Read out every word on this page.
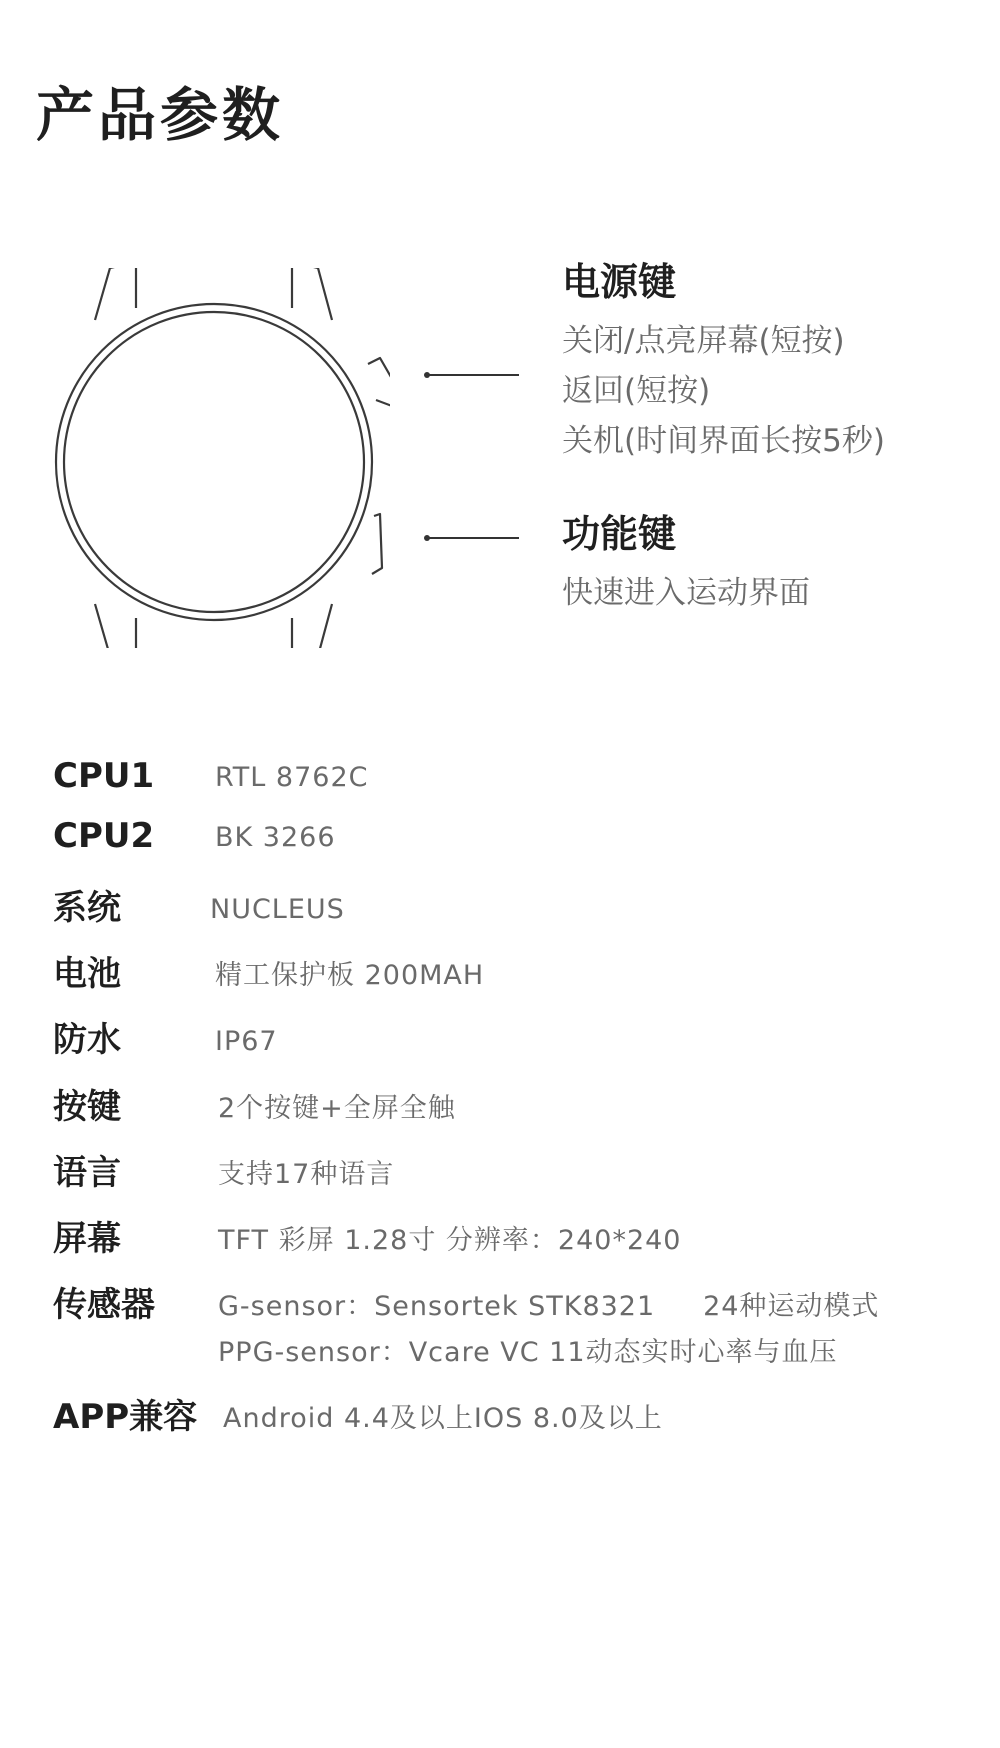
产品参数
电源键
关闭/点亮屏幕(短按)
返回(短按)
关机(时间界面长按5秒)
功能键
快速进入运动界面
CPU1 RTL 8762C
CPU2 BK 3266
系统	NUCLEUS
电池	精工保护板 200MAH
防水	IP67
按键	2个按键+全屏全触
语言	支持17种语言
屏幕	TFT 彩屏 1.28寸 分辨率：240*240
传感器 G-sensor：Sensortek STK8321     24种运动模式
PPG-sensor：Vcare VC 11动态实时心率与血压
APP兼容 Android 4.4及以上IOS 8.0及以上
